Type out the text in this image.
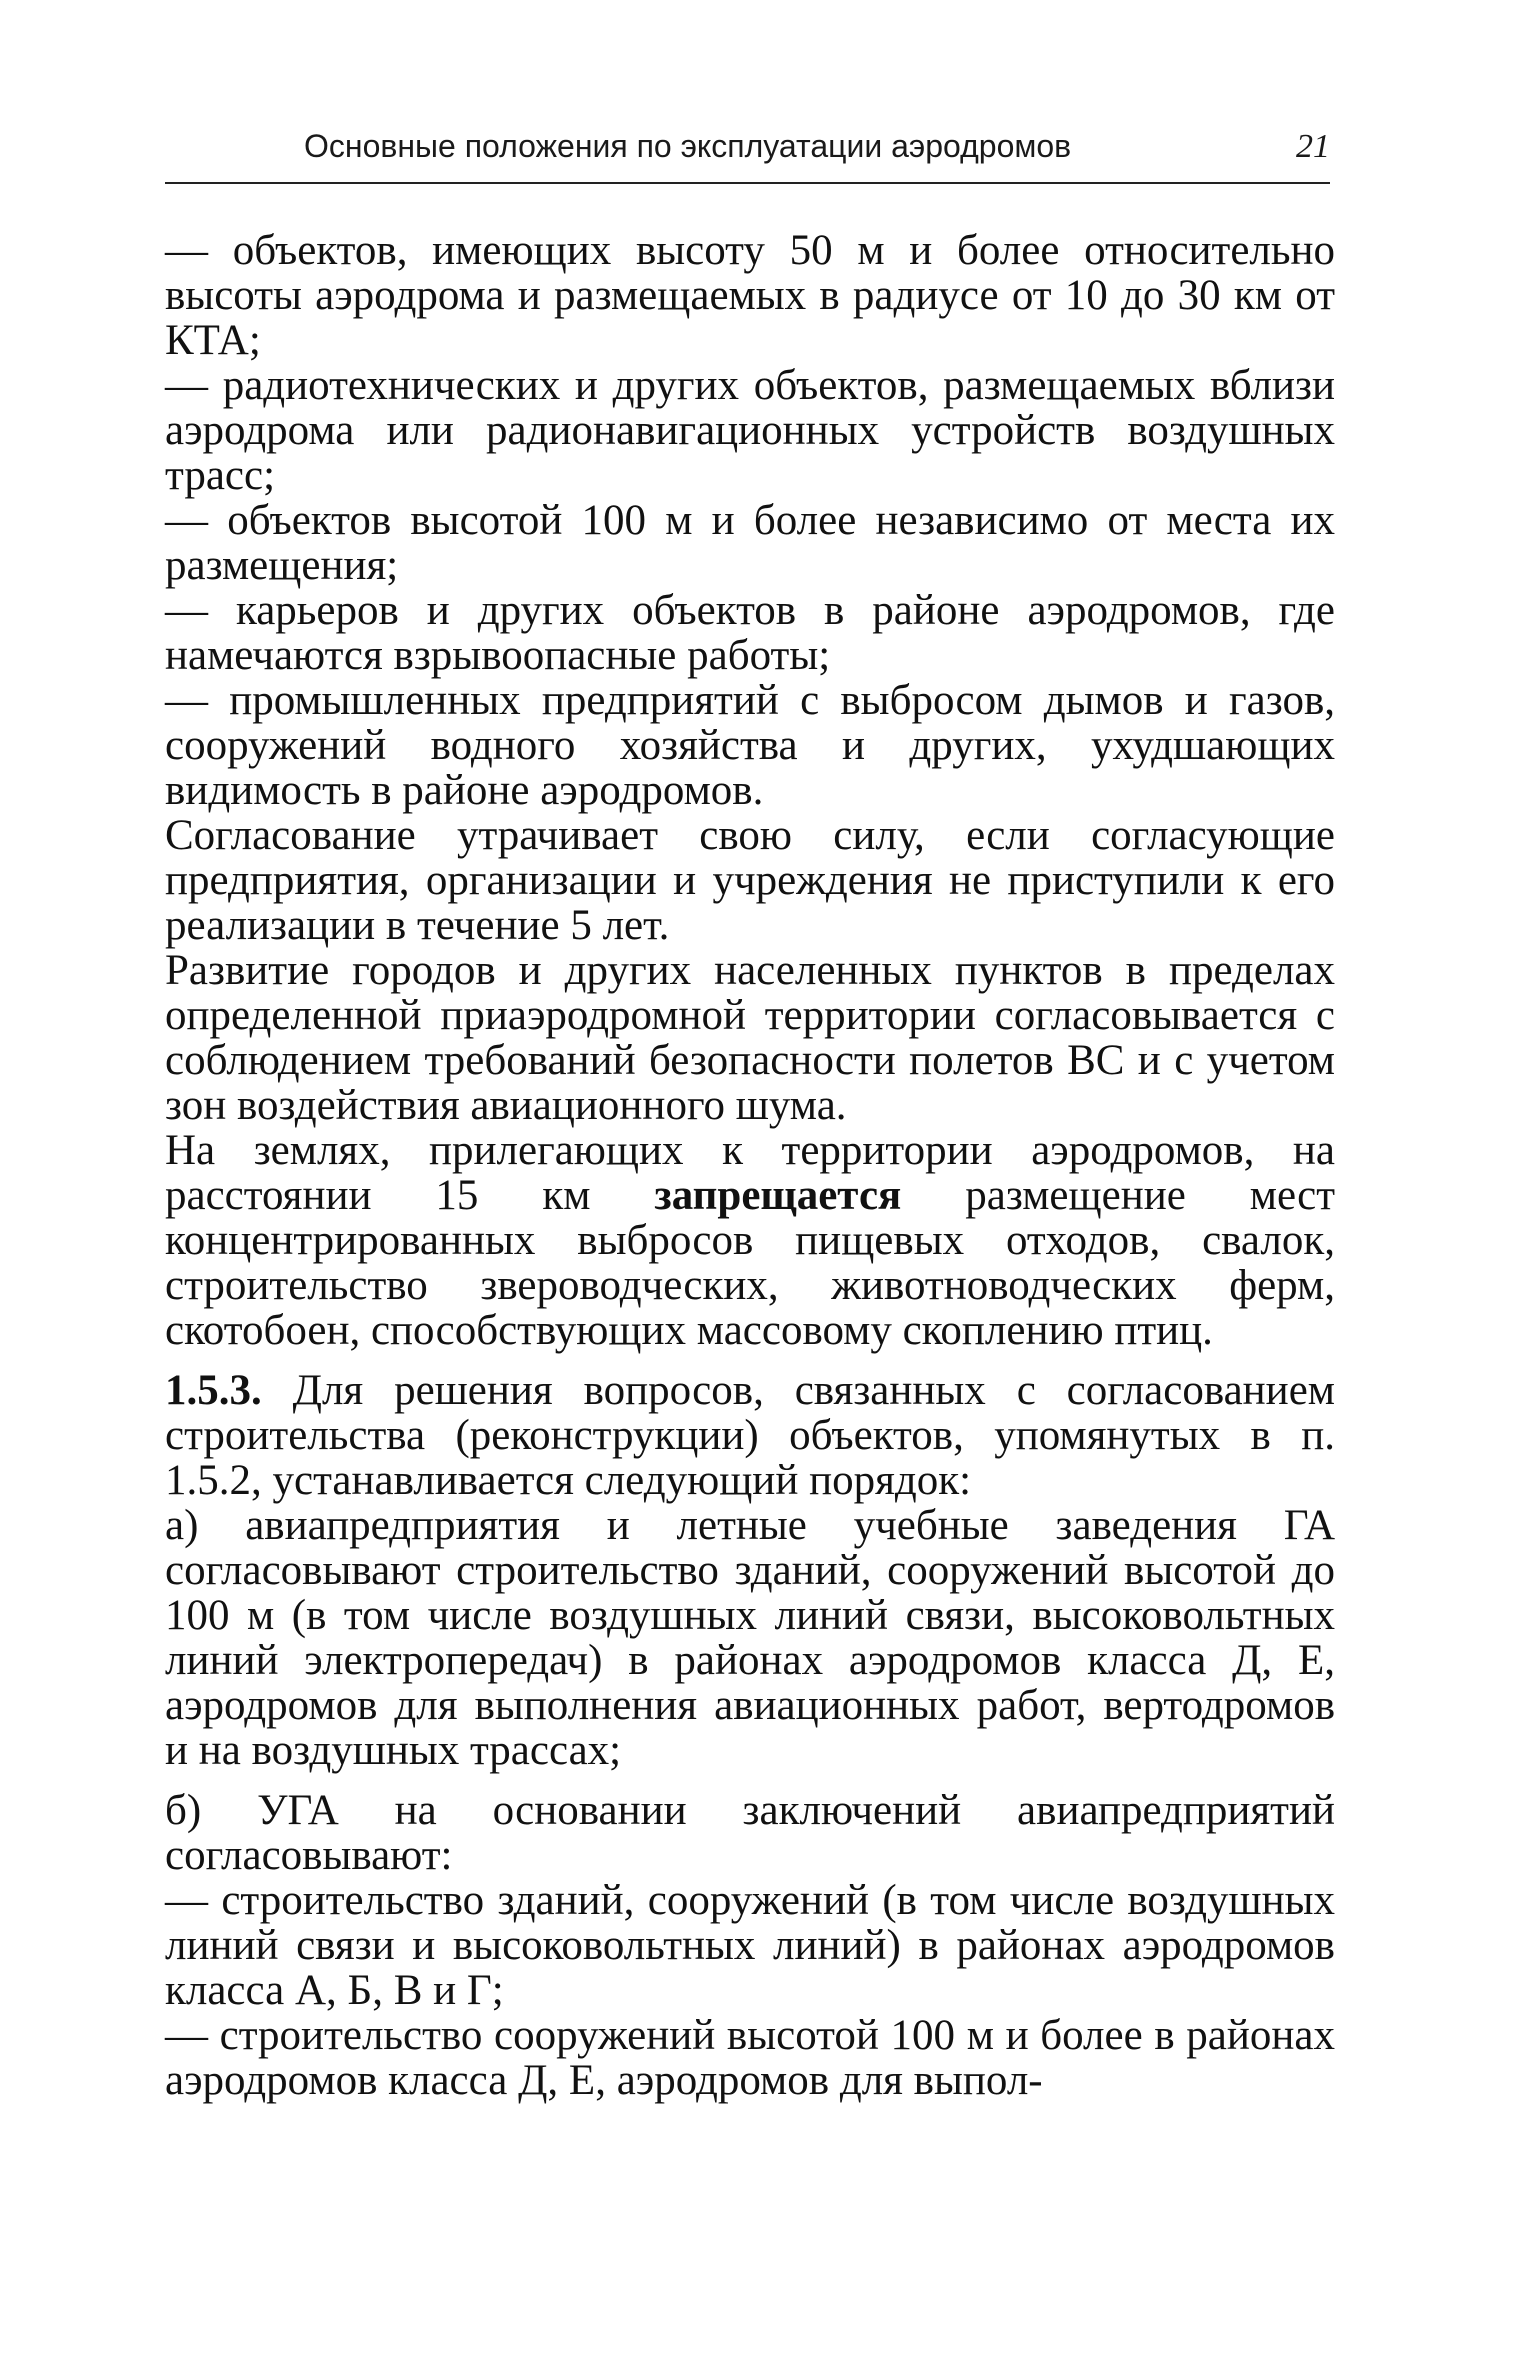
Основные положения по эксплуатации аэродромов	21

— объектов, имеющих высоту 50 м и более относительно высоты аэродрома и размещаемых в радиусе от 10 до 30 км от КТА;

— радиотехнических и других объектов, размещаемых вблизи аэродрома или радионавигационных устройств воздушных трасс;

— объектов высотой 100 м и более независимо от места их размещения;

— карьеров и других объектов в районе аэродромов, где намечаются взрывоопасные работы;

— промышленных предприятий с выбросом дымов и газов, сооружений водного хозяйства и других, ухудшающих видимость в районе аэродромов.

Согласование утрачивает свою силу, если согласующие предприятия, организации и учреждения не приступили к его реализации в течение 5 лет.

Развитие городов и других населенных пунктов в пределах определенной приаэродромной территории согласовывается с соблюдением требований безопасности полетов ВС и с учетом зон воздействия авиационного шума.

На землях, прилегающих к территории аэродромов, на расстоянии 15 км запрещается размещение мест концентрированных выбросов пищевых отходов, свалок, строительство звероводческих, животноводческих ферм, скотобоен, способствующих массовому скоплению птиц.

1.5.3. Для решения вопросов, связанных с согласованием строительства (реконструкции) объектов, упомянутых в п. 1.5.2, устанавливается следующий порядок:

а) авиапредприятия и летные учебные заведения ГА согласовывают строительство зданий, сооружений высотой до 100 м (в том числе воздушных линий связи, высоковольтных линий электропередач) в районах аэродромов класса Д, Е, аэродромов для выполнения авиационных работ, вертодромов и на воздушных трассах;

б) УГА на основании заключений авиапредприятий согласовывают:

— строительство зданий, сооружений (в том числе воздушных линий связи и высоковольтных линий) в районах аэродромов класса А, Б, В и Г;

— строительство сооружений высотой 100 м и более в районах аэродромов класса Д, Е, аэродромов для выпол-
